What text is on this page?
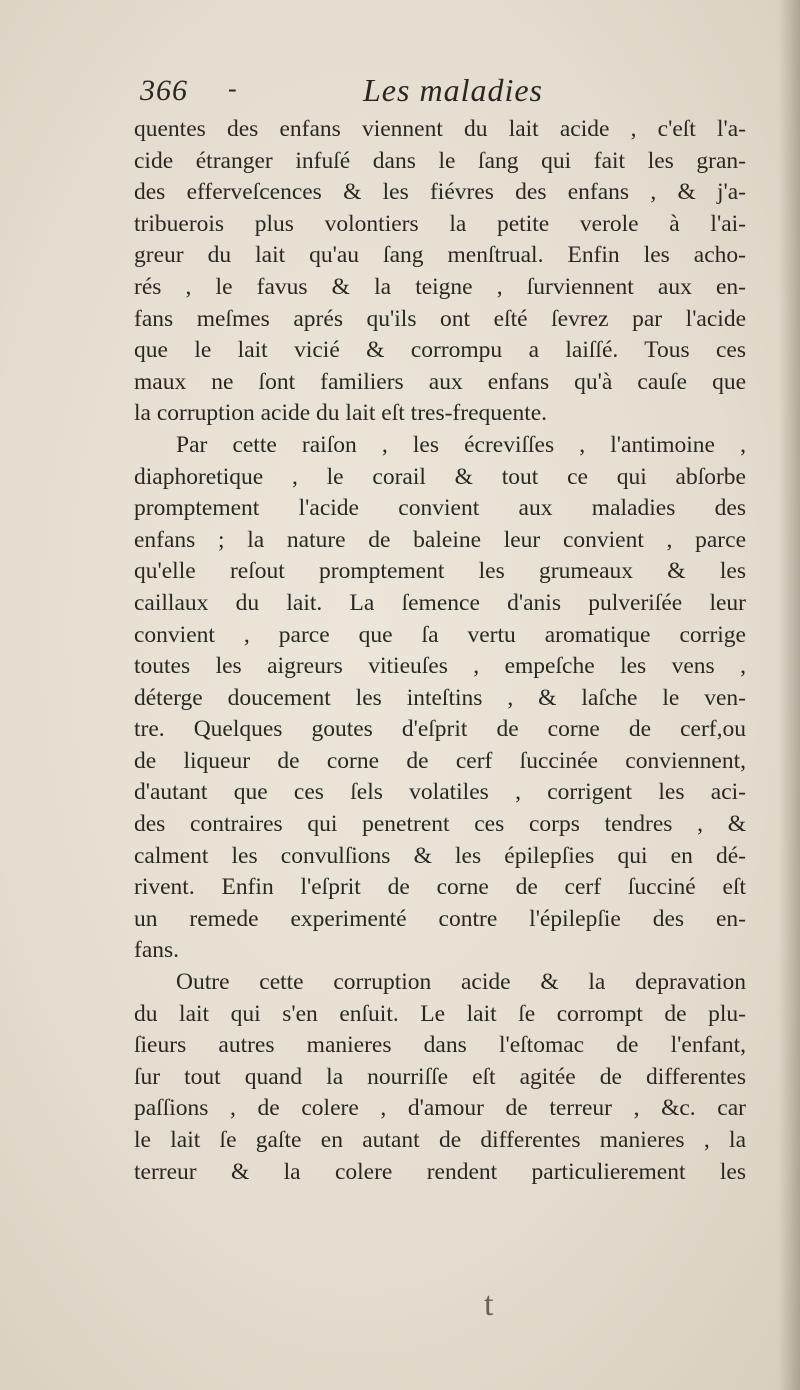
366 -	Les maladies
quentes des enfans viennent du lait acide , c'eſt l'a-
cide étranger infuſé dans le ſang qui fait les gran-
des efferveſcences & les fiévres des enfans , & j'a-
tribuerois plus volontiers la petite verole à l'ai-
greur du lait qu'au ſang menſtrual. Enfin les acho-
rés , le favus & la teigne , ſurviennent aux en-
fans meſmes aprés qu'ils ont eſté ſevrez par l'acide
que le lait vicié & corrompu a laiſſé. Tous ces
maux ne ſont familiers aux enfans qu'à cauſe que
la corruption acide du lait eſt tres-frequente.
Par cette raiſon , les écreviſſes , l'antimoine ,
diaphoretique , le corail & tout ce qui abſorbe
promptement l'acide convient aux maladies des
enfans ; la nature de baleine leur convient , parce
qu'elle reſout promptement les grumeaux & les
caillaux du lait. La ſemence d'anis pulveriſée leur
convient , parce que ſa vertu aromatique corrige
toutes les aigreurs vitieuſes , empeſche les vens ,
déterge doucement les inteſtins , & laſche le ven-
tre. Quelques goutes d'eſprit de corne de cerf,ou
de liqueur de corne de cerf ſuccinée conviennent,
d'autant que ces ſels volatiles , corrigent les aci-
des contraires qui penetrent ces corps tendres , &
calment les convulſions & les épilepſies qui en dé-
rivent. Enfin l'eſprit de corne de cerf ſucciné eſt
un remede experimenté contre l'épilepſie des en-
fans.
Outre cette corruption acide & la depravation
du lait qui s'en enſuit. Le lait ſe corrompt de plu-
ſieurs autres manieres dans l'eſtomac de l'enfant,
ſur tout quand la nourriſſe eſt agitée de differentes
paſſions , de colere , d'amour de terreur , &c. car
le lait ſe gaſte en autant de differentes manieres , la
terreur & la colere rendent particulierement les
t
